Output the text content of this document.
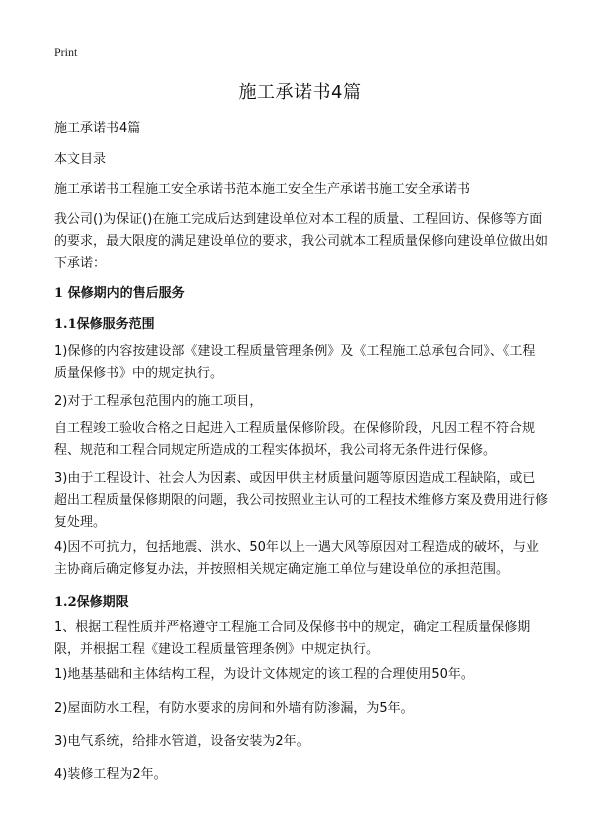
Print
施工承诺书4篇

施工承诺书4篇

本文目录

施工承诺书工程施工安全承诺书范本施工安全生产承诺书施工安全承诺书

我公司()为保证()在施工完成后达到建设单位对本工程的质量、工程回访、保修等方面的要求，最大限度的满足建设单位的要求，我公司就本工程质量保修向建设单位做出如下承诺：

1 保修期内的售后服务
1.1保修服务范围

1)保修的内容按建设部《建设工程质量管理条例》及《工程施工总承包合同》、《工程质量保修书》中的规定执行。

2)对于工程承包范围内的施工项目，

自工程竣工验收合格之日起进入工程质量保修阶段。在保修阶段，凡因工程不符合规程、规范和工程合同规定所造成的工程实体损坏，我公司将无条件进行保修。

3)由于工程设计、社会人为因素、或因甲供主材质量问题等原因造成工程缺陷，或已超出工程质量保修期限的问题，我公司按照业主认可的工程技术维修方案及费用进行修复处理。

4)因不可抗力，包括地震、洪水、50年以上一遇大风等原因对工程造成的破坏，与业主协商后确定修复办法，并按照相关规定确定施工单位与建设单位的承担范围。

1.2保修期限

1、根据工程性质并严格遵守工程施工合同及保修书中的规定，确定工程质量保修期限，并根据工程《建设工程质量管理条例》中规定执行。

1)地基基础和主体结构工程，为设计文体规定的该工程的合理使用50年。

2)屋面防水工程，有防水要求的房间和外墙有防渗漏，为5年。

3)电气系统，给排水管道，设备安装为2年。

4)装修工程为2年。
